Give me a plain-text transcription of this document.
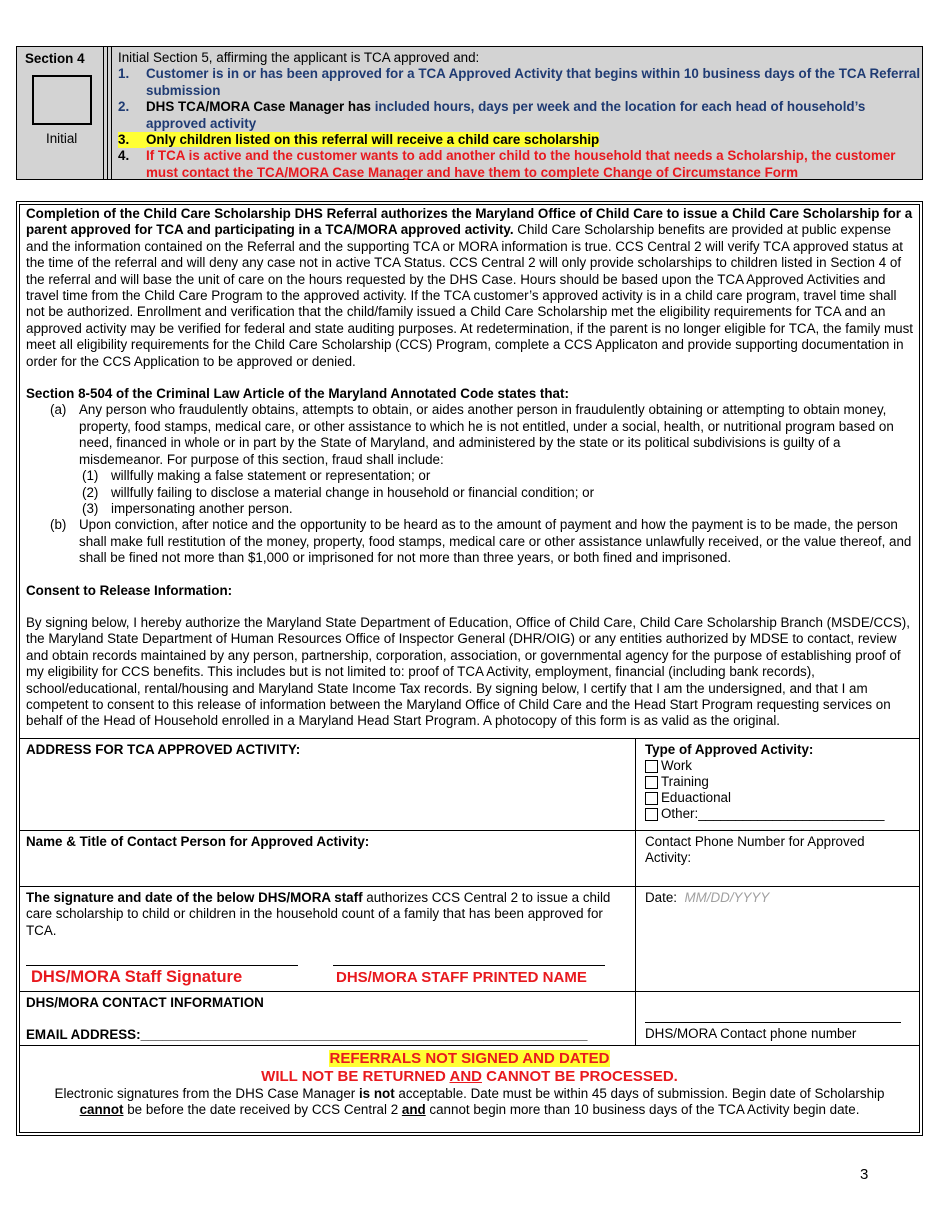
Section 4
Initial
Initial Section 5, affirming the applicant is TCA approved and:
1.	Customer is in or has been approved for a TCA Approved Activity that begins within 10 business days of the TCA Referral submission
2.	DHS TCA/MORA Case Manager has included hours, days per week and the location for each head of household’s approved activity
3.	Only children listed on this referral will receive a child care scholarship
4.	If TCA is active and the customer wants to add another child to the household that needs a Scholarship, the customer must contact the TCA/MORA Case Manager and have them to complete Change of Circumstance Form

Completion of the Child Care Scholarship DHS Referral authorizes the Maryland Office of Child Care to issue a Child Care Scholarship for a parent approved for TCA and participating in a TCA/MORA approved activity. Child Care Scholarship benefits are provided at public expense and the information contained on the Referral and the supporting TCA or MORA information is true. CCS Central 2 will verify TCA approved status at the time of the referral and will deny any case not in active TCA Status. CCS Central 2 will only provide scholarships to children listed in Section 4 of the referral and will base the unit of care on the hours requested by the DHS Case. Hours should be based upon the TCA Approved Activities and travel time from the Child Care Program to the approved activity. If the TCA customer’s approved activity is in a child care program, travel time shall not be authorized. Enrollment and verification that the child/family issued a Child Care Scholarship met the eligibility requirements for TCA and an approved activity may be verified for federal and state auditing purposes. At redetermination, if the parent is no longer eligible for TCA, the family must meet all eligibility requirements for the Child Care Scholarship (CCS) Program, complete a CCS Applicaton and provide supporting documentation in order for the CCS Application to be approved or denied.

Section 8-504 of the Criminal Law Article of the Maryland Annotated Code states that:

(a) Any person who fraudulently obtains, attempts to obtain, or aides another person in fraudulently obtaining or attempting to obtain money, property, food stamps, medical care, or other assistance to which he is not entitled, under a social, health, or nutritional program based on need, financed in whole or in part by the State of Maryland, and administered by the state or its political subdivisions is guilty of a misdemeanor. For purpose of this section, fraud shall include:
(1) willfully making a false statement or representation; or
(2) willfully failing to disclose a material change in household or financial condition; or
(3) impersonating another person.
(b) Upon conviction, after notice and the opportunity to be heard as to the amount of payment and how the payment is to be made, the person shall make full restitution of the money, property, food stamps, medical care or other assistance unlawfully received, or the value thereof, and shall be fined not more than $1,000 or imprisoned for not more than three years, or both fined and imprisoned.

Consent to Release Information:

By signing below, I hereby authorize the Maryland State Department of Education, Office of Child Care, Child Care Scholarship Branch (MSDE/CCS), the Maryland State Department of Human Resources Office of Inspector General (DHR/OIG) or any entities authorized by MDSE to contact, review and obtain records maintained by any person, partnership, corporation, association, or governmental agency for the purpose of establishing proof of my eligibility for CCS benefits. This includes but is not limited to: proof of TCA Activity, employment, financial (including bank records), school/educational, rental/housing and Maryland State Income Tax records. By signing below, I certify that I am the undersigned, and that I am competent to consent to this release of information between the Maryland Office of Child Care and the Head Start Program requesting services on behalf of the Head of Household enrolled in a Maryland Head Start Program. A photocopy of this form is as valid as the original.

ADDRESS FOR TCA APPROVED ACTIVITY:	Type of Approved Activity:
Work
Training
Eduactional
Other:_________________________
Name & Title of Contact Person for Approved Activity:	Contact Phone Number for Approved Activity:
The signature and date of the below DHS/MORA staff authorizes CCS Central 2 to issue a child care scholarship to child or children in the household count of a family that has been approved for TCA.
DHS/MORA Staff Signature	DHS/MORA STAFF PRINTED NAME
Date:  MM/DD/YYYY
DHS/MORA CONTACT INFORMATION
EMAIL ADDRESS:____________________________________________________________	DHS/MORA Contact phone number
REFERRALS NOT SIGNED AND DATED
WILL NOT BE RETURNED AND CANNOT BE PROCESSED.
Electronic signatures from the DHS Case Manager is not acceptable. Date must be within 45 days of submission. Begin date of Scholarship
cannot be before the date received by CCS Central 2 and cannot begin more than 10 business days of the TCA Activity begin date.
3
